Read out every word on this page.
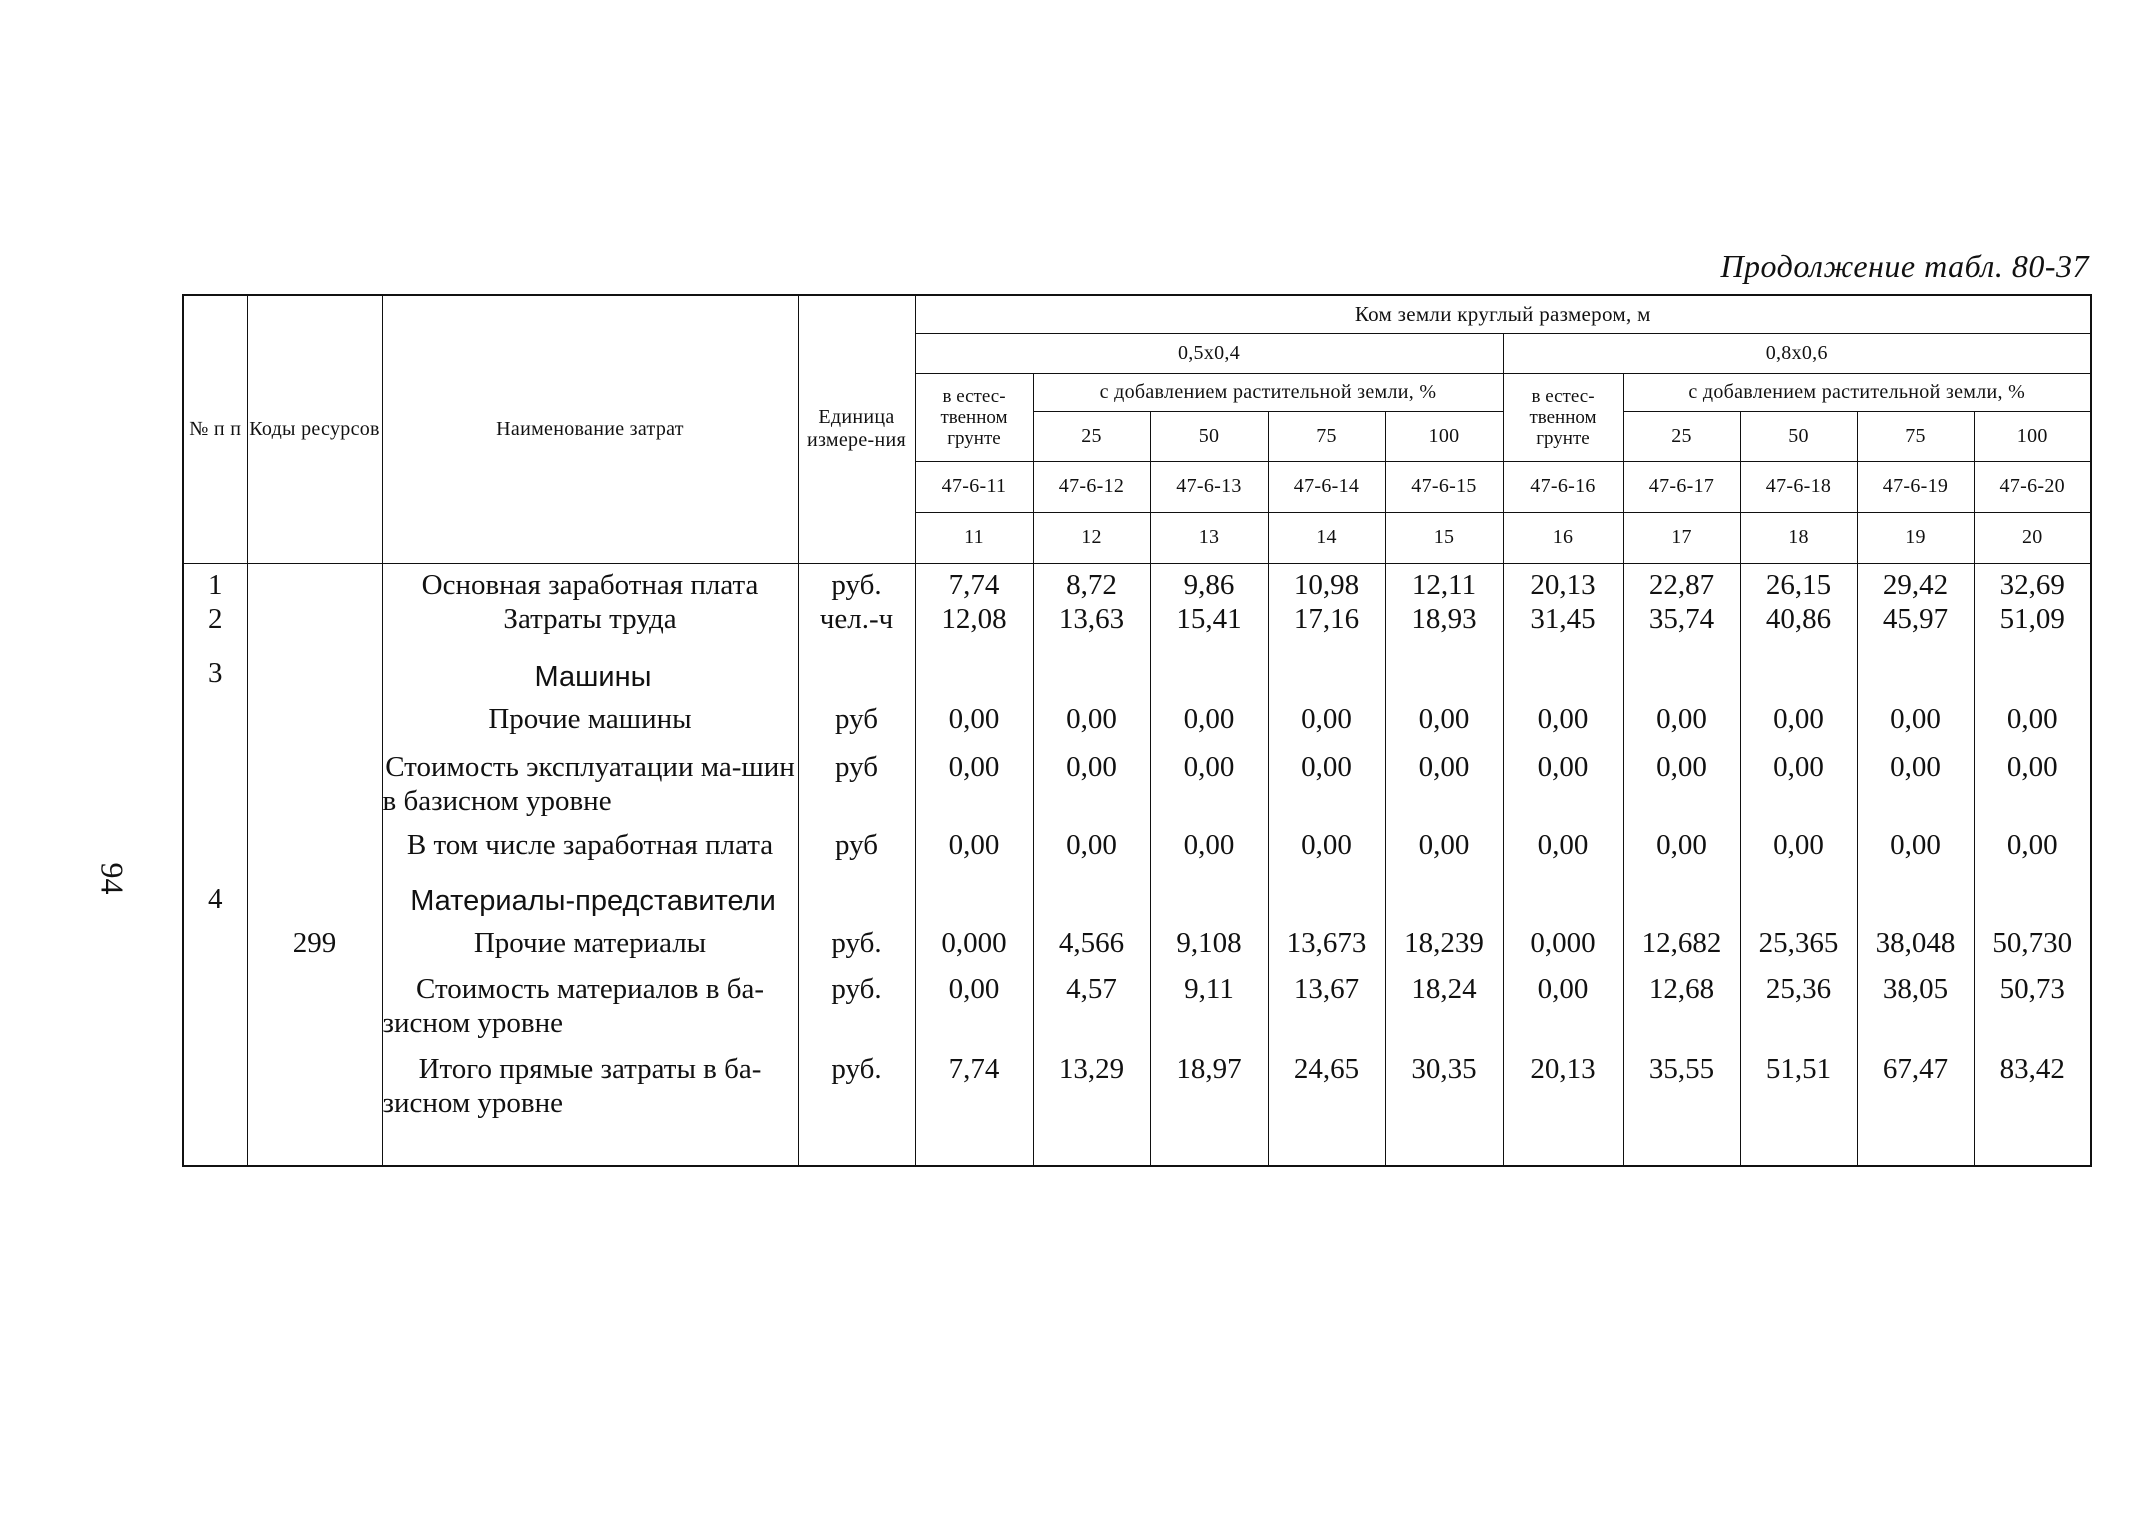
Продолжение табл. 80-37
94
№ п п	Коды ресурсов	Наименование затрат	Единица измере-ния	Ком земли круглый размером, м									
				0,5х0,4					0,8х0,6				
				в естес-твенном грунте	с добавлением растительной земли, %				в естес-твенном грунте	с добавлением растительной земли, %			
					25	50	75	100		25	50	75	100
				47-6-11	47-6-12	47-6-13	47-6-14	47-6-15	47-6-16	47-6-17	47-6-18	47-6-19	47-6-20
				11	12	13	14	15	16	17	18	19	20
1		Основная заработная плата	руб.	7,74	8,72	9,86	10,98	12,11	20,13	22,87	26,15	29,42	32,69
2		Затраты труда	чел.-ч	12,08	13,63	15,41	17,16	18,93	31,45	35,74	40,86	45,97	51,09
3		Машины											
		Прочие машины	руб	0,00	0,00	0,00	0,00	0,00	0,00	0,00	0,00	0,00	0,00
		Стоимость эксплуатации ма-шин в базисном уровне	руб	0,00	0,00	0,00	0,00	0,00	0,00	0,00	0,00	0,00	0,00
		В том числе заработная плата	руб	0,00	0,00	0,00	0,00	0,00	0,00	0,00	0,00	0,00	0,00
4		Материалы-представители											
	299	Прочие материалы	руб.	0,000	4,566	9,108	13,673	18,239	0,000	12,682	25,365	38,048	50,730
		Стоимость материалов в ба-зисном уровне	руб.	0,00	4,57	9,11	13,67	18,24	0,00	12,68	25,36	38,05	50,73
		Итого прямые затраты в ба-зисном уровне	руб.	7,74	13,29	18,97	24,65	30,35	20,13	35,55	51,51	67,47	83,42
